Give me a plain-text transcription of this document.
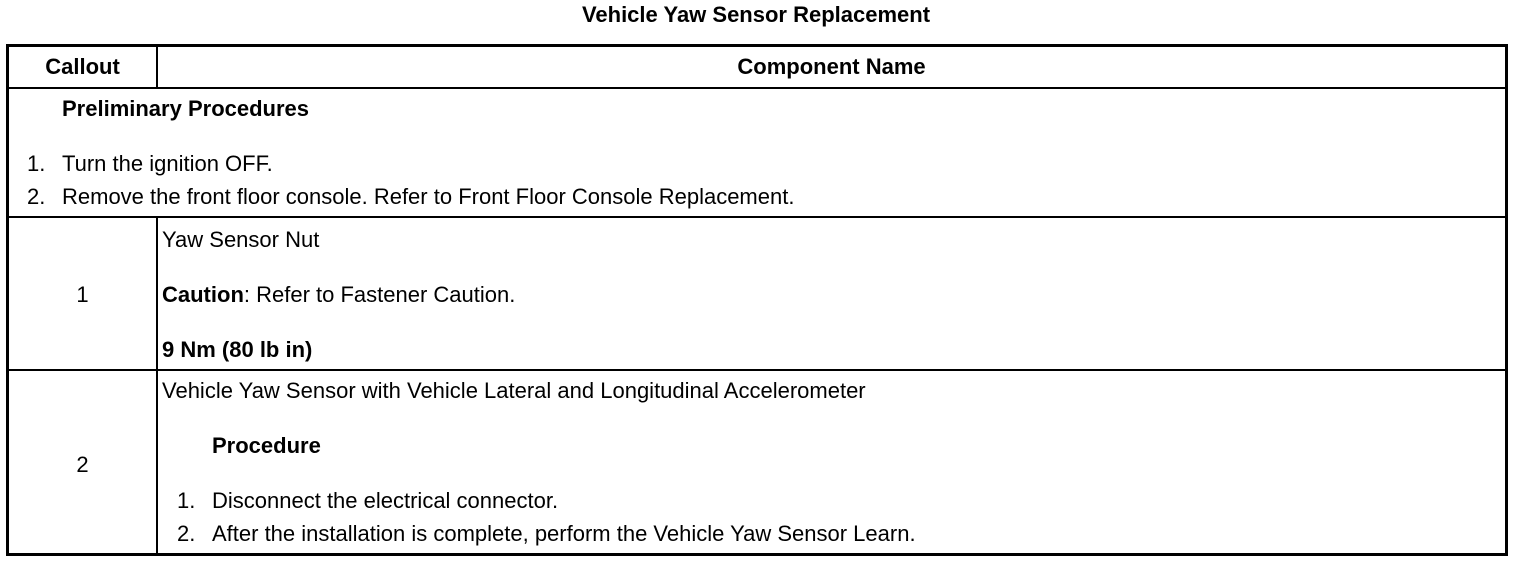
Vehicle Yaw Sensor Replacement
Callout	Component Name
Preliminary Procedures
1. Turn the ignition OFF.
2. Remove the front floor console. Refer to Front Floor Console Replacement.
1
Yaw Sensor Nut
Caution: Refer to Fastener Caution.
9 Nm (80 lb in)
2
Vehicle Yaw Sensor with Vehicle Lateral and Longitudinal Accelerometer
Procedure
1. Disconnect the electrical connector.
2. After the installation is complete, perform the Vehicle Yaw Sensor Learn.
